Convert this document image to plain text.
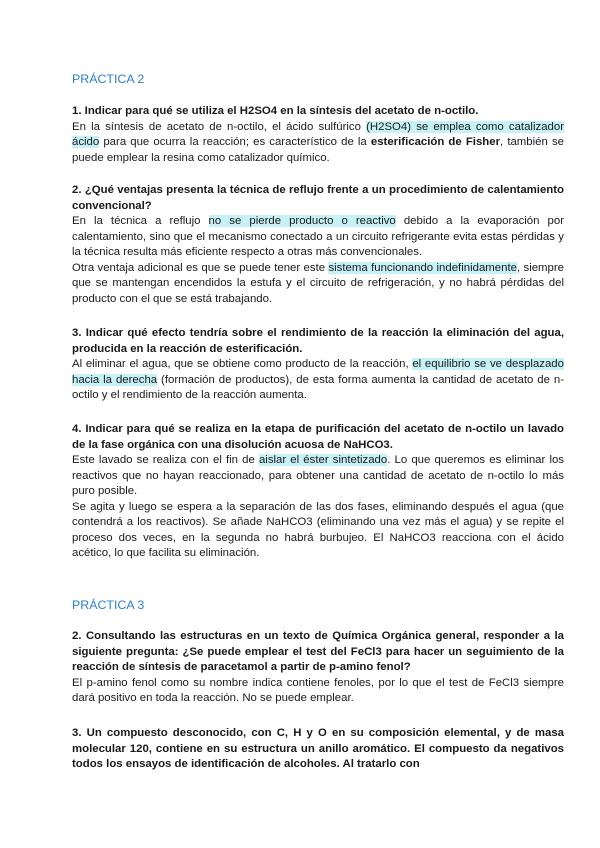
PRÁCTICA 2

1. Indicar para qué se utiliza el H2SO4 en la síntesis del acetato de n-octilo.

En la síntesis de acetato de n-octilo, el ácido sulfúrico (H2SO4) se emplea como catalizador ácido para que ocurra la reacción; es característico de la esterificación de Fisher, también se puede emplear la resina como catalizador químico.

2. ¿Qué ventajas presenta la técnica de reflujo frente a un procedimiento de calentamiento convencional?

En la técnica a reflujo no se pierde producto o reactivo debido a la evaporación por calentamiento, sino que el mecanismo conectado a un circuito refrigerante evita estas pérdidas y la técnica resulta más eficiente respecto a otras más convencionales.

Otra ventaja adicional es que se puede tener este sistema funcionando indefinidamente, siempre que se mantengan encendidos la estufa y el circuito de refrigeración, y no habrá pérdidas del producto con el que se está trabajando.

3. Indicar qué efecto tendría sobre el rendimiento de la reacción la eliminación del agua, producida en la reacción de esterificación.

Al eliminar el agua, que se obtiene como producto de la reacción, el equilibrio se ve desplazado hacia la derecha (formación de productos), de esta forma aumenta la cantidad de acetato de n-octilo y el rendimiento de la reacción aumenta.

4. Indicar para qué se realiza en la etapa de purificación del acetato de n-octilo un lavado de la fase orgánica con una disolución acuosa de NaHCO3.

Este lavado se realiza con el fin de aislar el éster sintetizado. Lo que queremos es eliminar los reactivos que no hayan reaccionado, para obtener una cantidad de acetato de n-octilo lo más puro posible.

Se agita y luego se espera a la separación de las dos fases, eliminando después el agua (que contendrá a los reactivos). Se añade NaHCO3 (eliminando una vez más el agua) y se repite el proceso dos veces, en la segunda no habrá burbujeo. El NaHCO3 reacciona con el ácido acético, lo que facilita su eliminación.

PRÁCTICA 3

2. Consultando las estructuras en un texto de Química Orgánica general, responder a la siguiente pregunta: ¿Se puede emplear el test del FeCl3 para hacer un seguimiento de la reacción de síntesis de paracetamol a partir de p-amino fenol?

El p-amino fenol como su nombre indica contiene fenoles, por lo que el test de FeCl3 siempre dará positivo en toda la reacción. No se puede emplear.

3. Un compuesto desconocido, con C, H y O en su composición elemental, y de masa molecular 120, contiene en su estructura un anillo aromático. El compuesto da negativos todos los ensayos de identificación de alcoholes. Al tratarlo con
